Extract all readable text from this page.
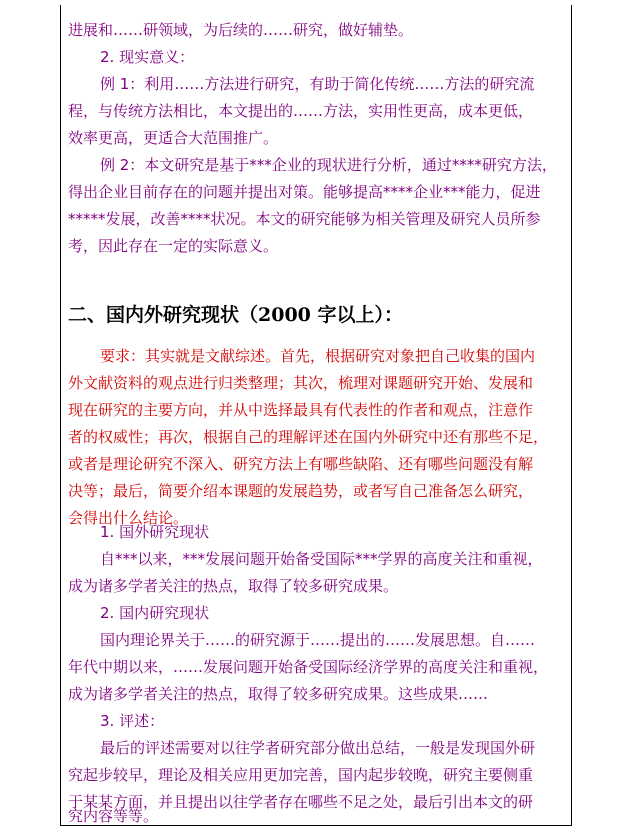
进展和……研领域，为后续的……研究，做好辅垫。
2. 现实意义：
例 1：利用……方法进行研究，有助于简化传统……方法的研究流
程，与传统方法相比，本文提出的……方法，实用性更高，成本更低，
效率更高，更适合大范围推广。
例 2：本文研究是基于***企业的现状进行分析，通过****研究方法，
得出企业目前存在的问题并提出对策。能够提高****企业***能力，促进
*****发展，改善****状况。本文的研究能够为相关管理及研究人员所参
考，因此存在一定的实际意义。
二、国内外研究现状（2000 字以上）：
要求：其实就是文献综述。首先，根据研究对象把自己收集的国内
外文献资料的观点进行归类整理；其次，梳理对课题研究开始、发展和
现在研究的主要方向，并从中选择最具有代表性的作者和观点，注意作
者的权威性；再次，根据自己的理解评述在国内外研究中还有那些不足，
或者是理论研究不深入、研究方法上有哪些缺陷、还有哪些问题没有解
决等；最后，简要介绍本课题的发展趋势，或者写自己准备怎么研究，
会得出什么结论。
1. 国外研究现状
自***以来，***发展问题开始备受国际***学界的高度关注和重视，
成为诸多学者关注的热点，取得了较多研究成果。
2. 国内研究现状
国内理论界关于……的研究源于……提出的……发展思想。自……
年代中期以来，……发展问题开始备受国际经济学界的高度关注和重视，
成为诸多学者关注的热点，取得了较多研究成果。这些成果……
3. 评述：
最后的评述需要对以往学者研究部分做出总结，一般是发现国外研
究起步较早，理论及相关应用更加完善，国内起步较晚，研究主要侧重
于某某方面，并且提出以往学者存在哪些不足之处，最后引出本文的研
究内容等等。
